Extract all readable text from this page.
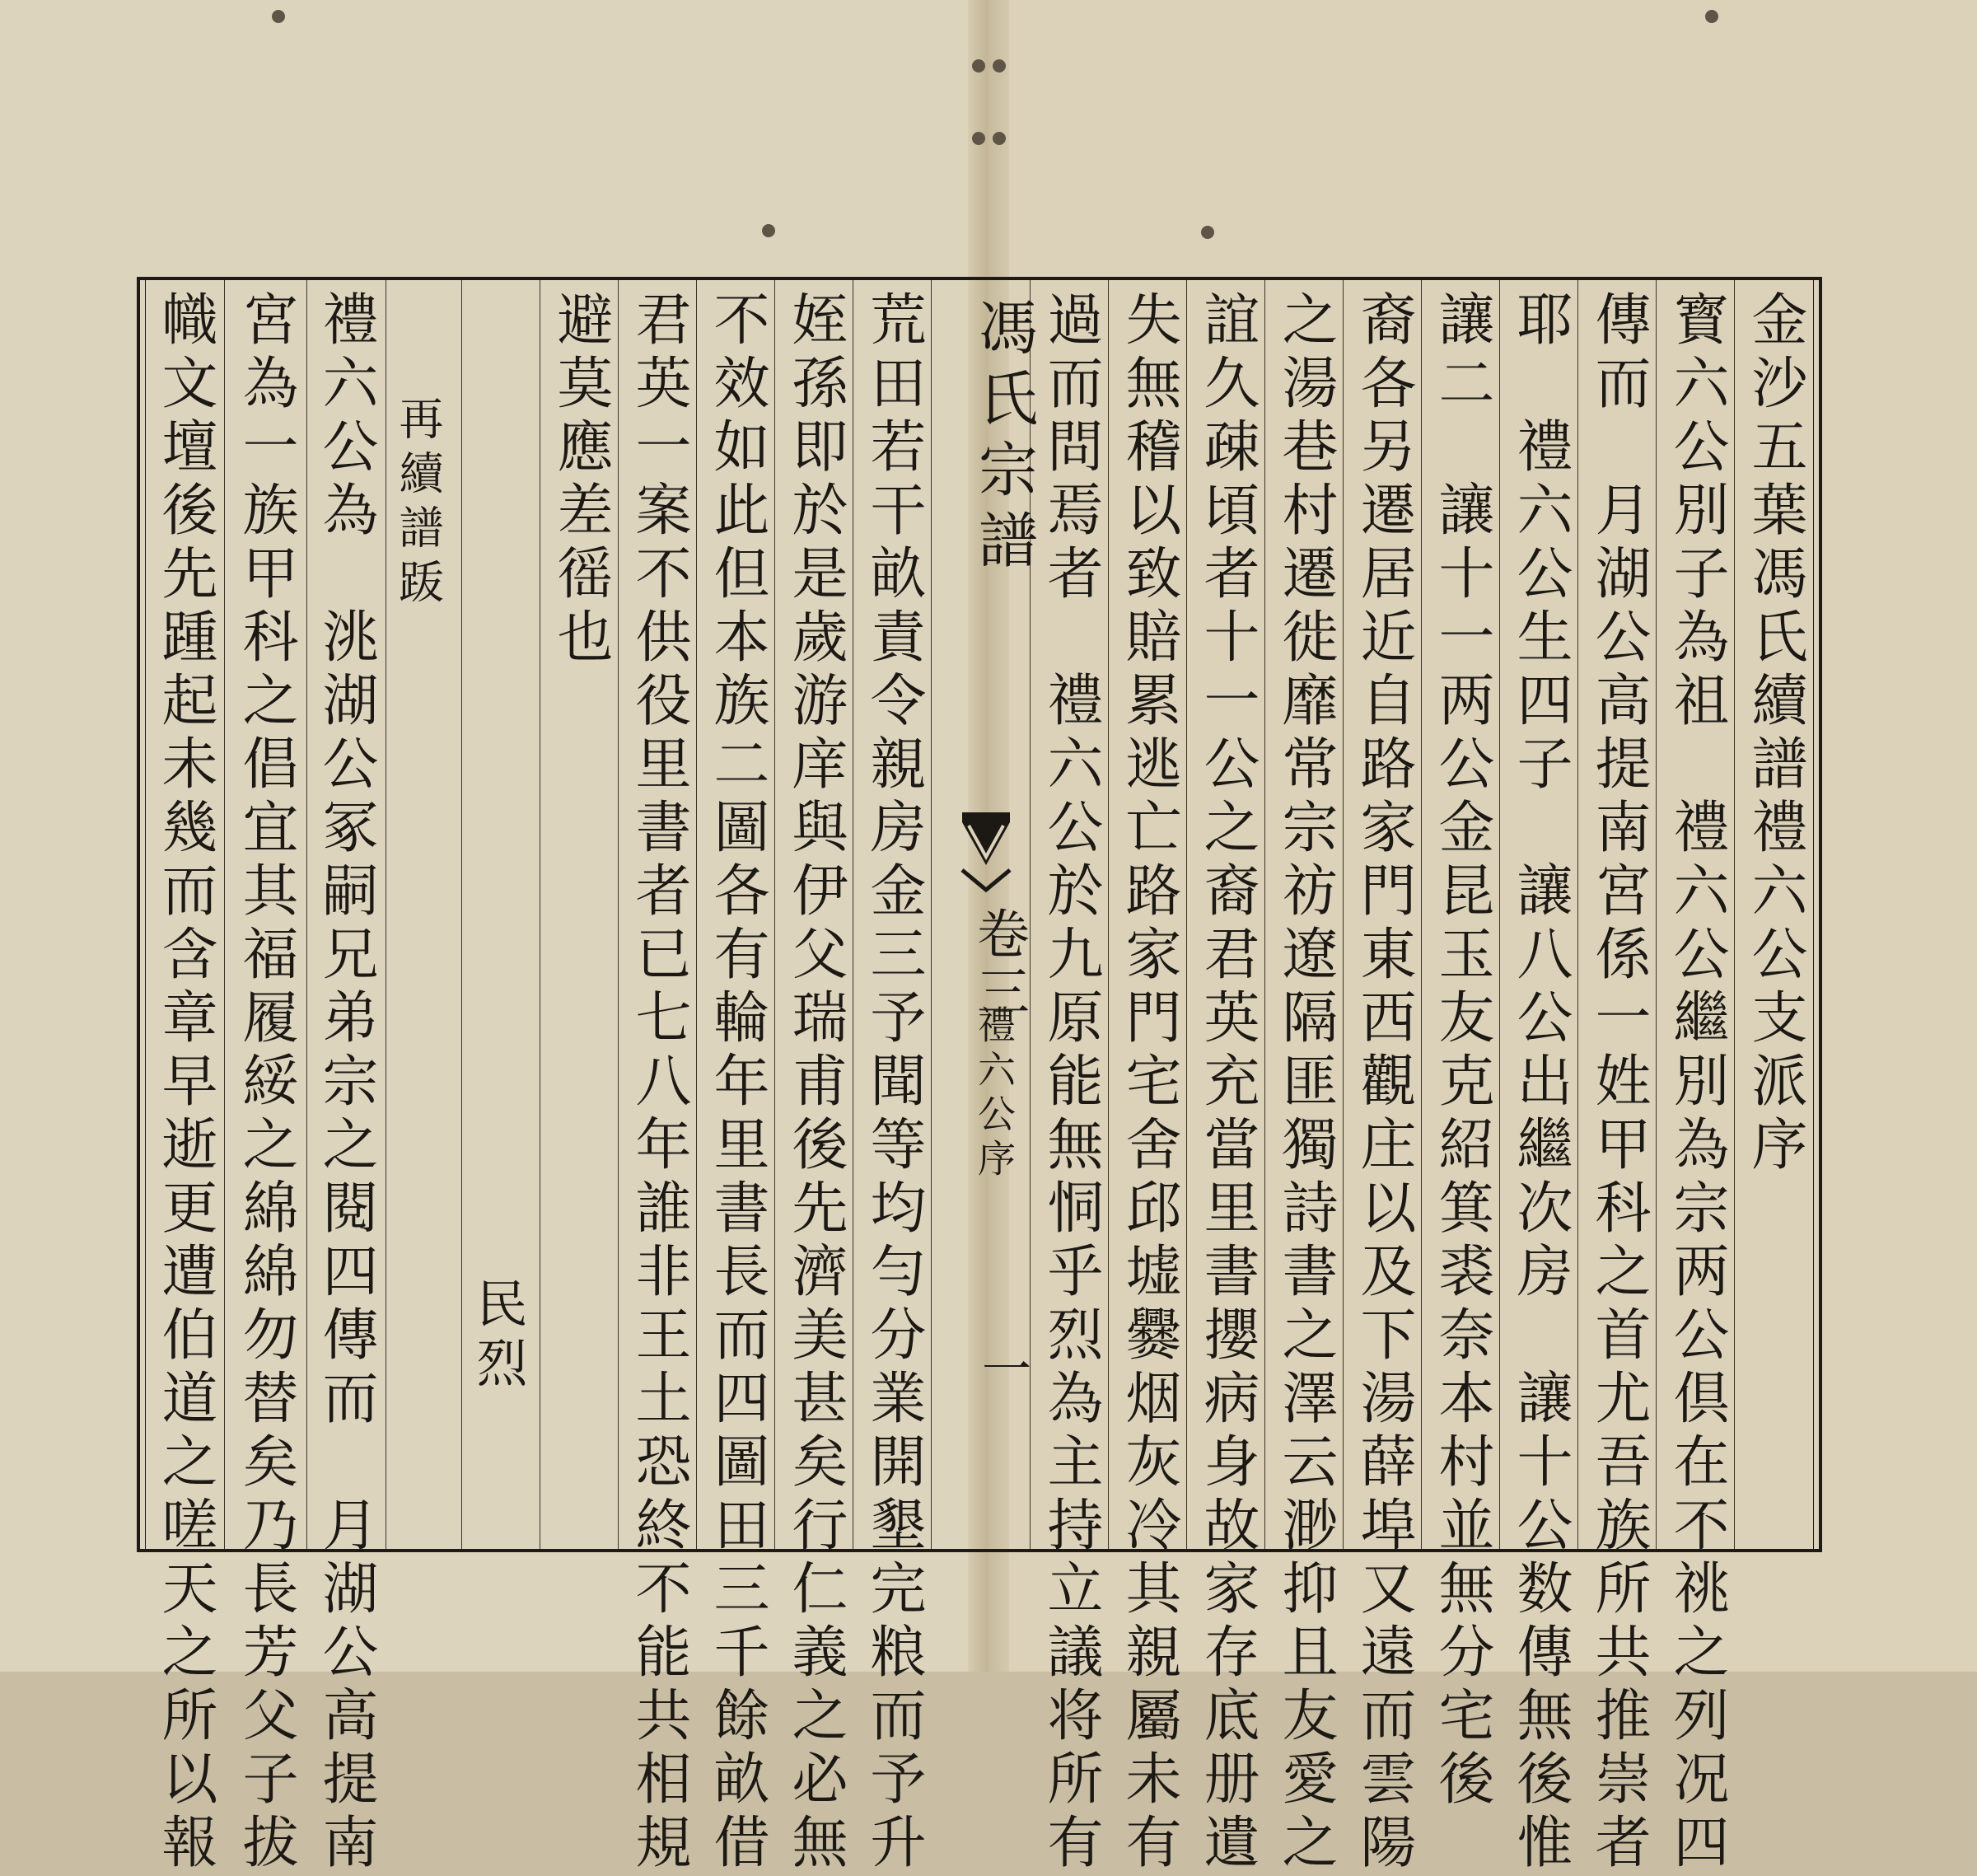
金沙五葉馮氏續譜禮六公支派序
寳六公別子為祖　禮六公繼別為宗两公倶在不祧之列况四
傳而　月湖公高提南宮係一姓甲科之首尤吾族所共推崇者
耶　禮六公生四子　讓八公出繼次房　讓十公数傳無後惟
讓二　讓十一两公金昆玉友克紹箕裘奈本村並無分宅後
裔各另遷居近自路家門東西觀庄以及下湯薛埠又遠而雲陽
之湯巷村遷徙靡常宗祊遼隔匪獨詩書之澤云渺抑且友愛之
誼久疎頃者十一公之裔君英充當里書攖病身故家存底册遺
失無稽以致賠累逃亡路家門宅舍邱墟爨烟灰冷其親屬未有
過而問焉者　禮六公於九原能無恫乎烈為主持立議将所有
馮氏宗譜
卷三
禮六公序
一
荒田若干畝責令親房金三予聞等均勻分業開墾完粮而予升
姪孫即於是歲游庠與伊父瑞甫後先濟美甚矣行仁義之必無
不效如此但本族二圖各有輪年里書長而四圖田三千餘畝借
君英一案不供役里書者已七八年誰非王土恐終不能共相規
避莫應差徭也
民烈
再續譜䟦
禮六公為　洮湖公冢嗣兄弟宗之閱四傳而　月湖公高提南
宮為一族甲科之倡宜其福履綏之綿綿勿替矣乃長芳父子拔
幟文壇後先踵起未幾而含章早逝更遭伯道之嗟天之所以報
